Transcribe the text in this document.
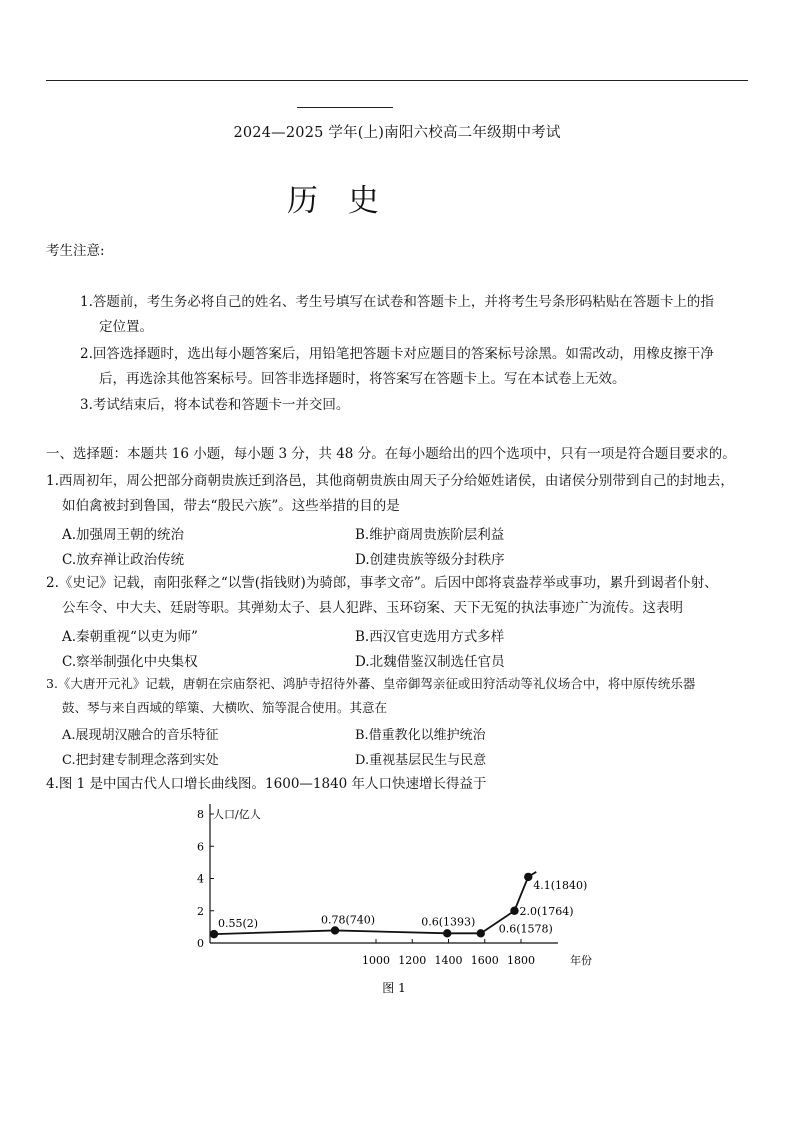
2024—2025 学年(上)南阳六校高二年级期中考试
历 史
考生注意:
1.答题前，考生务必将自己的姓名、考生号填写在试卷和答题卡上，并将考生号条形码粘贴在答题卡上的指
定位置。
2.回答选择题时，选出每小题答案后，用铅笔把答题卡对应题目的答案标号涂黑。如需改动，用橡皮擦干净
后，再选涂其他答案标号。回答非选择题时，将答案写在答题卡上。写在本试卷上无效。
3.考试结束后，将本试卷和答题卡一并交回。
一、选择题：本题共 16 小题，每小题 3 分，共 48 分。在每小题给出的四个选项中，只有一项是符合题目要求的。
1.西周初年，周公把部分商朝贵族迁到洛邑，其他商朝贵族由周天子分给姬姓诸侯，由诸侯分别带到自己的封地去，
如伯禽被封到鲁国，带去“殷民六族”。这些举措的目的是
A.加强周王朝的统治	B.维护商周贵族阶层利益
C.放弃禅让政治传统	D.创建贵族等级分封秩序
2.《史记》记载，南阳张释之“以訾(指钱财)为骑郎，事孝文帝”。后因中郎将袁盎荐举或事功，累升到谒者仆射、
公车令、中大夫、廷尉等职。其弹劾太子、县人犯跸、玉环窃案、天下无冤的执法事迹广为流传。这表明
A.秦朝重视“以吏为师”	B.西汉官吏选用方式多样
C.察举制强化中央集权	D.北魏借鉴汉制选任官员
3.《大唐开元礼》记载，唐朝在宗庙祭祀、鸿胪寺招待外蕃、皇帝御驾亲征或田狩活动等礼仪场合中，将中原传统乐器
鼓、琴与来自西域的筚篥、大横吹、笳等混合使用。其意在
A.展现胡汉融合的音乐特征	B.借重教化以维护统治
C.把封建专制理念落到实处	D.重视基层民生与民意
4.图 1 是中国古代人口增长曲线图。1600—1840 年人口快速增长得益于
8
6
4
2
0
人口/亿人
1000 1200 1400 1600 1800	年份
图 1
0.55(2)	0.78(740)	0.6(1393)
0.6(1578)
2.0(1764)
4.1(1840)
